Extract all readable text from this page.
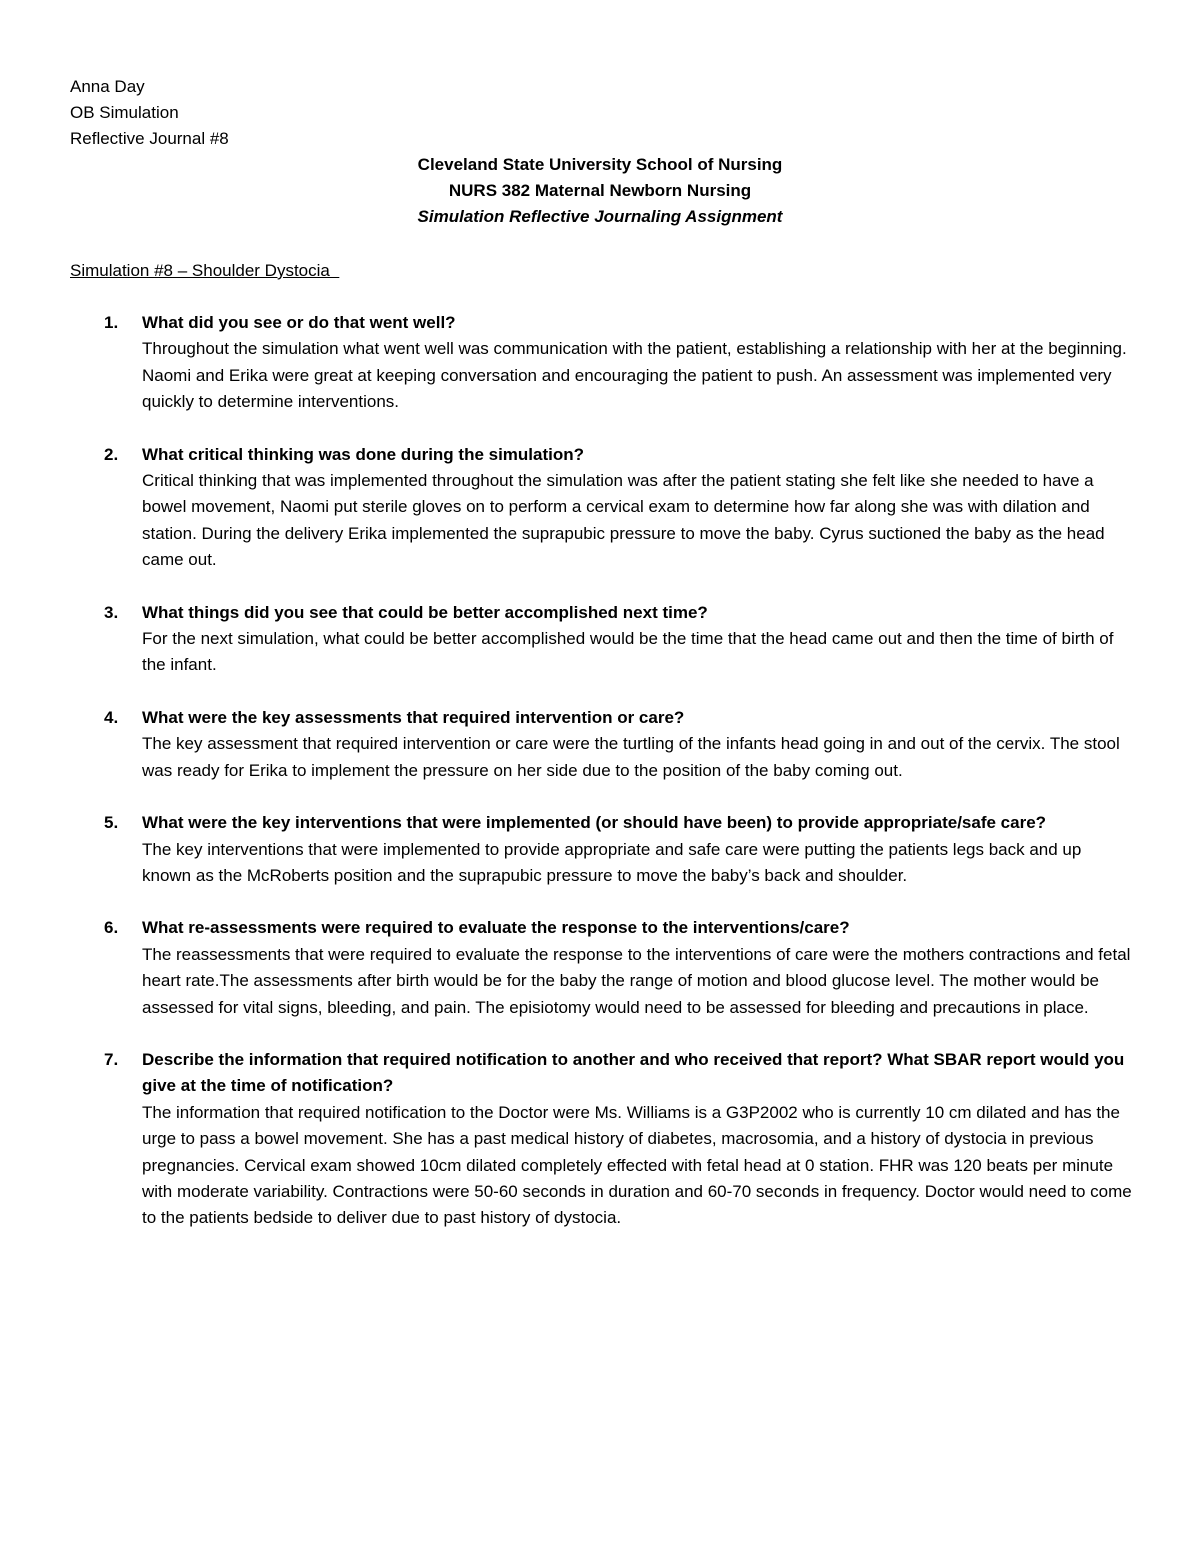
Anna Day
OB Simulation
Reflective Journal #8
Cleveland State University School of Nursing
NURS 382 Maternal Newborn Nursing
Simulation Reflective Journaling Assignment
Simulation #8 – Shoulder Dystocia
1. What did you see or do that went well?
Throughout the simulation what went well was communication with the patient, establishing a relationship with her at the beginning. Naomi and Erika were great at keeping conversation and encouraging the patient to push. An assessment was implemented very quickly to determine interventions.
2. What critical thinking was done during the simulation?
Critical thinking that was implemented throughout the simulation was after the patient stating she felt like she needed to have a bowel movement, Naomi put sterile gloves on to perform a cervical exam to determine how far along she was with dilation and station. During the delivery Erika implemented the suprapubic pressure to move the baby. Cyrus suctioned the baby as the head came out.
3. What things did you see that could be better accomplished next time?
For the next simulation, what could be better accomplished would be the time that the head came out and then the time of birth of the infant.
4. What were the key assessments that required intervention or care?
The key assessment that required intervention or care were the turtling of the infants head going in and out of the cervix. The stool was ready for Erika to implement the pressure on her side due to the position of the baby coming out.
5. What were the key interventions that were implemented (or should have been) to provide appropriate/safe care?
The key interventions that were implemented to provide appropriate and safe care were putting the patients legs back and up known as the McRoberts position and the suprapubic pressure to move the baby’s back and shoulder.
6. What re-assessments were required to evaluate the response to the interventions/care?
The reassessments that were required to evaluate the response to the interventions of care were the mothers contractions and fetal heart rate.The assessments after birth would be for the baby the range of motion and blood glucose level. The mother would be assessed for vital signs, bleeding, and pain. The episiotomy would need to be assessed for bleeding and precautions in place.
7. Describe the information that required notification to another and who received that report? What SBAR report would you give at the time of notification?
The information that required notification to the Doctor were Ms. Williams is a G3P2002 who is currently 10 cm dilated and has the urge to pass a bowel movement. She has a past medical history of diabetes, macrosomia, and a history of dystocia in previous pregnancies. Cervical exam showed 10cm dilated completely effected with fetal head at 0 station. FHR was 120 beats per minute with moderate variability. Contractions were 50-60 seconds in duration and 60-70 seconds in frequency. Doctor would need to come to the patients bedside to deliver due to past history of dystocia.
